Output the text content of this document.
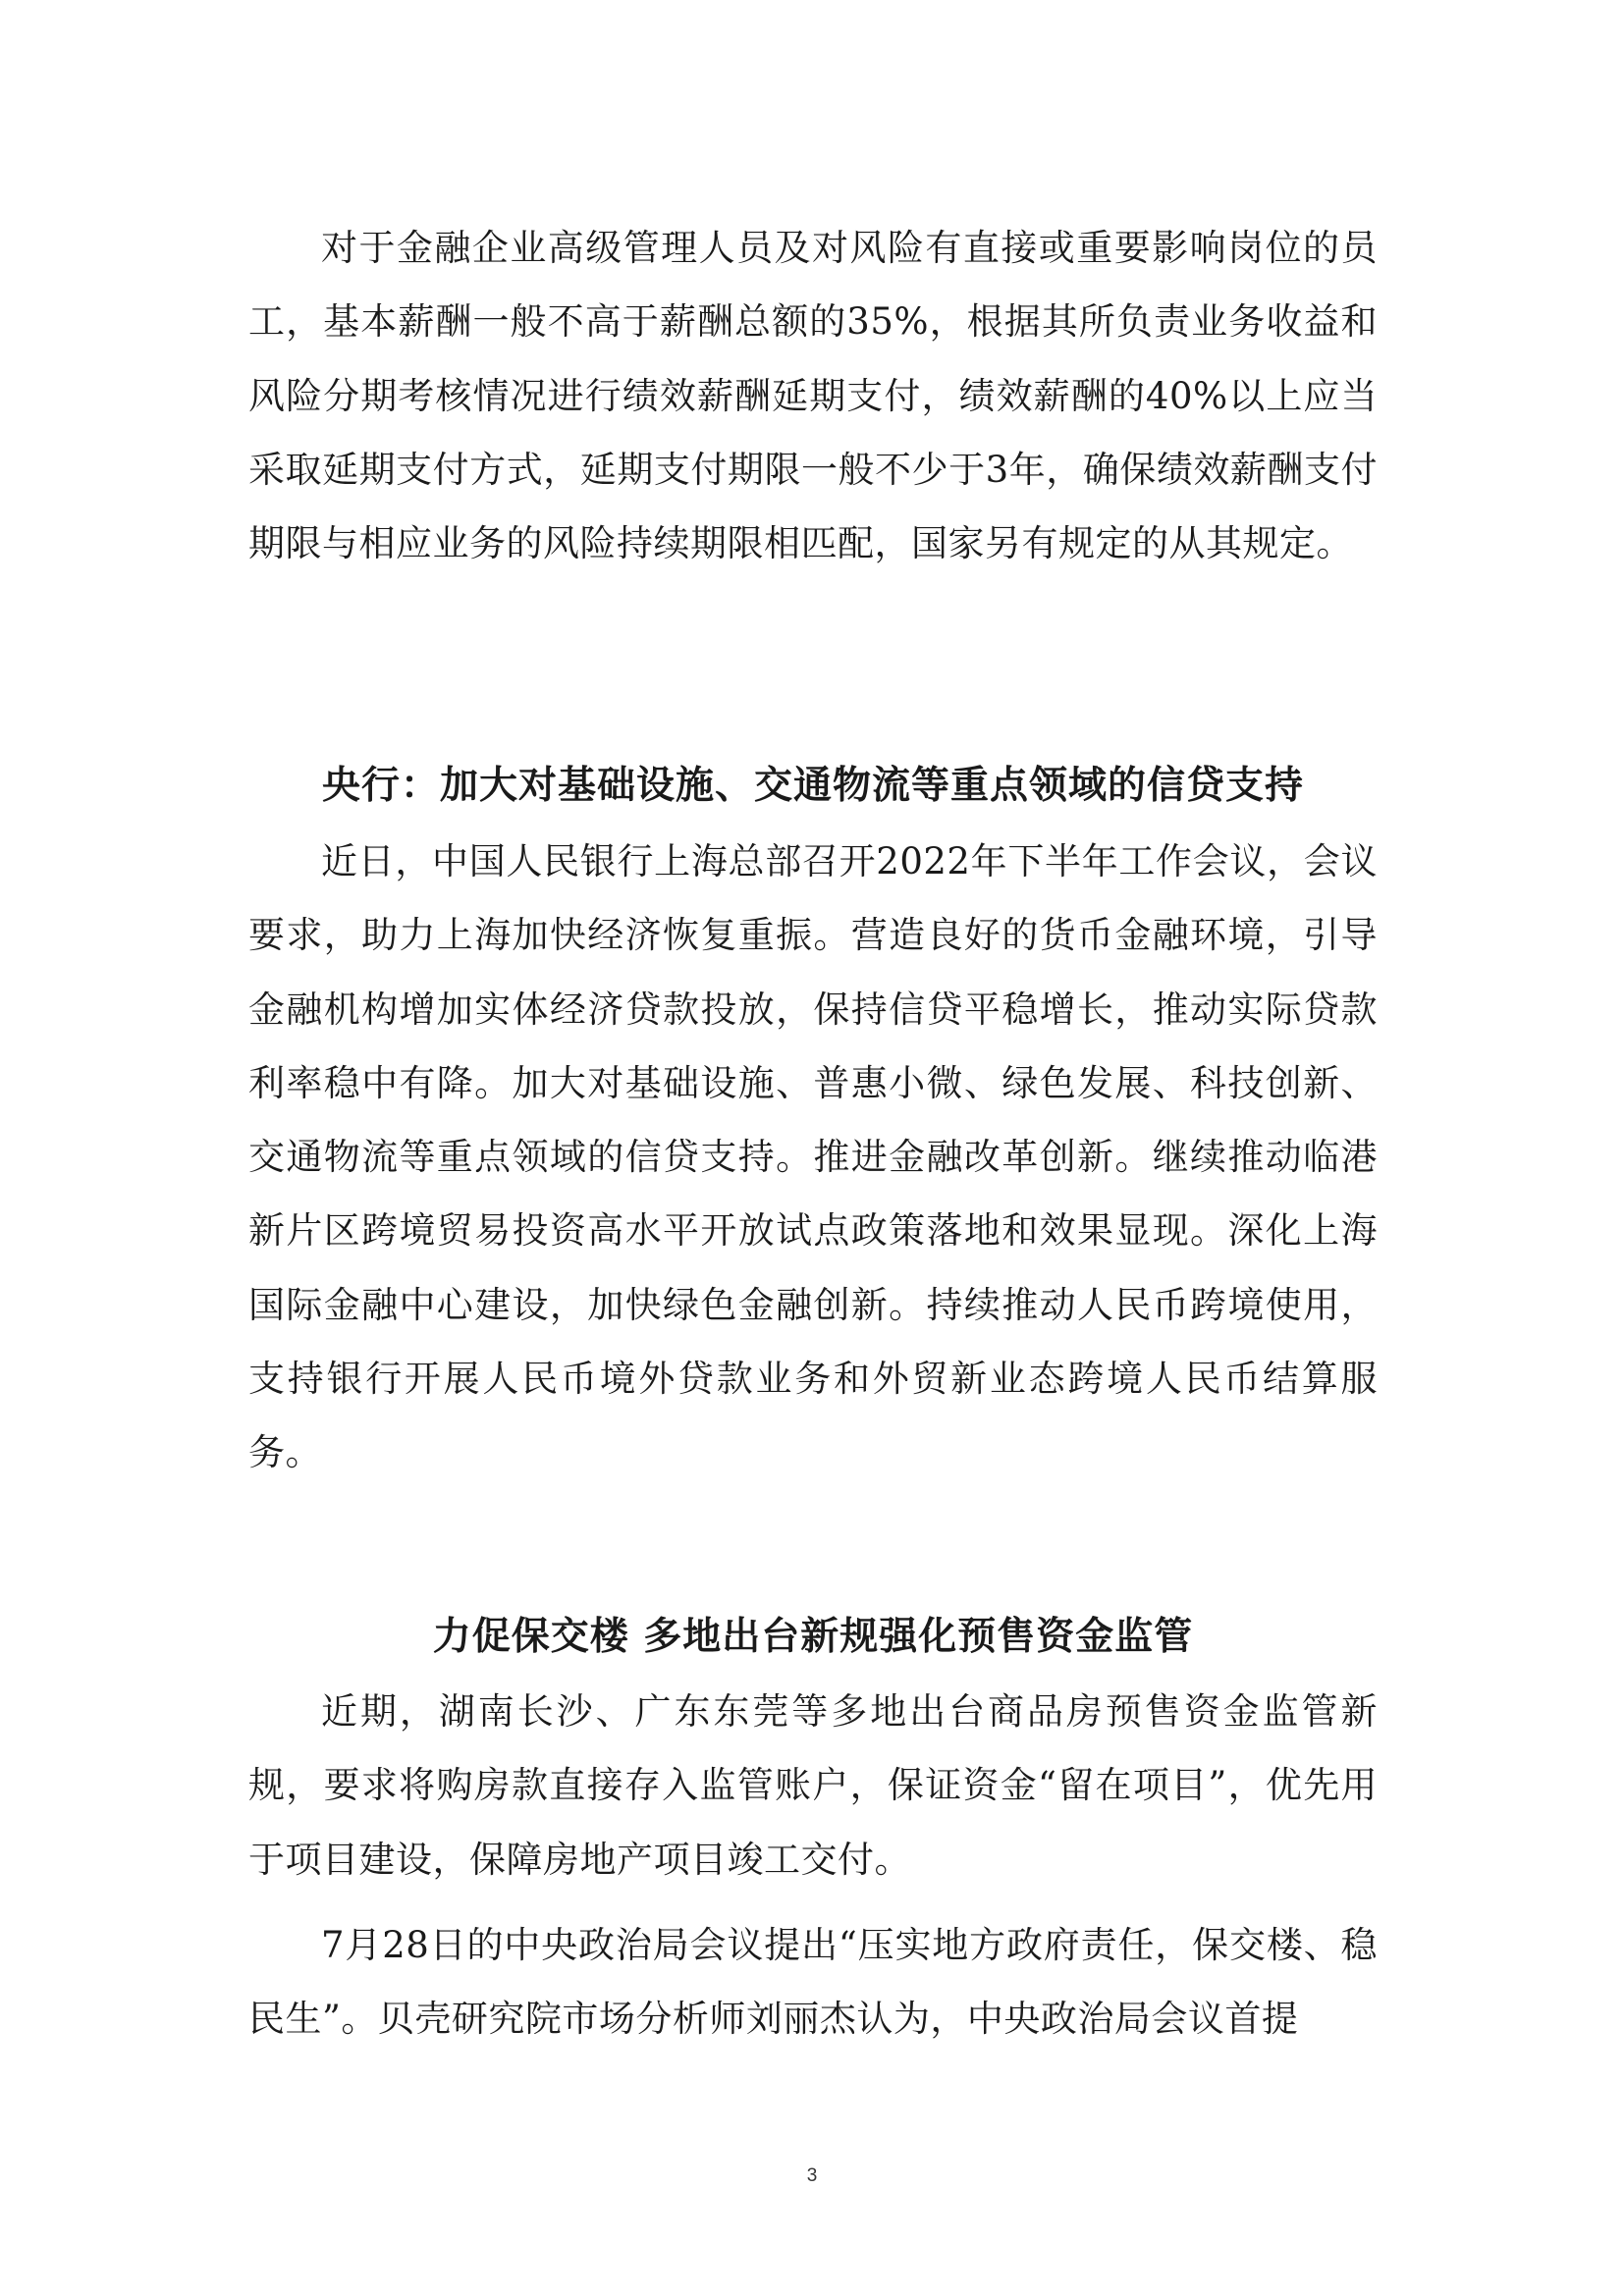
对于金融企业高级管理人员及对风险有直接或重要影响岗位的员工，基本薪酬一般不高于薪酬总额的35%，根据其所负责业务收益和风险分期考核情况进行绩效薪酬延期支付，绩效薪酬的40%以上应当采取延期支付方式，延期支付期限一般不少于3年，确保绩效薪酬支付期限与相应业务的风险持续期限相匹配，国家另有规定的从其规定。

央行：加大对基础设施、交通物流等重点领域的信贷支持

近日，中国人民银行上海总部召开2022年下半年工作会议，会议要求，助力上海加快经济恢复重振。营造良好的货币金融环境，引导金融机构增加实体经济贷款投放，保持信贷平稳增长，推动实际贷款利率稳中有降。加大对基础设施、普惠小微、绿色发展、科技创新、交通物流等重点领域的信贷支持。推进金融改革创新。继续推动临港新片区跨境贸易投资高水平开放试点政策落地和效果显现。深化上海国际金融中心建设，加快绿色金融创新。持续推动人民币跨境使用，支持银行开展人民币境外贷款业务和外贸新业态跨境人民币结算服务。

力促保交楼 多地出台新规强化预售资金监管

近期，湖南长沙、广东东莞等多地出台商品房预售资金监管新规，要求将购房款直接存入监管账户，保证资金“留在项目”，优先用于项目建设，保障房地产项目竣工交付。

7月28日的中央政治局会议提出“压实地方政府责任，保交楼、稳民生”。贝壳研究院市场分析师刘丽杰认为，中央政治局会议首提

3
